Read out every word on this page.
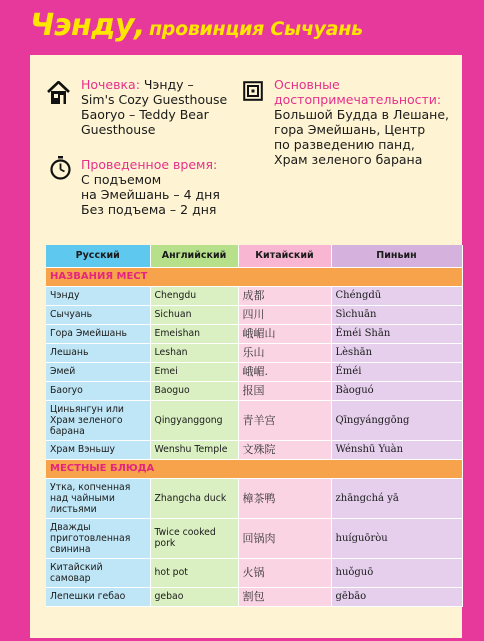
Чэнду, провинция Сычуань
Ночевка: Чэнду –
Sim's Cozy Guesthouse
Баоryo – Teddy Bear
Guesthouse
Проведенное время:
С подъемом
на Эмейшань – 4 дня
Без подъема – 2 дня
Основные
достопримечательности:
Большой Будда в Лешане,
гора Эмейшань, Центр
по разведению панд,
Храм зеленого барана
Русский	Английский	Китайский	Пиньин
НАЗВАНИЯ МЕСТ			
Чэнду	Chengdu	成都	Chéngdū
Сычуань	Sichuan	四川	Sìchuān
Гора Эмейшань	Emeishan	峨嵋山	Éméi Shān
Лешань	Leshan	乐山	Lèshān
Эмей	Emei	峨嵋.	Éméi
Баоryo	Baoguo	报国	Bàoguó
Циньянгун или Храм зеленого барана	Qingyanggong	青羊宫	Qīngyánggōng
Храм Вэньшу	Wenshu Temple	文殊院	Wénshū Yuàn
МЕСТНЫЕ БЛЮДА			
Утка, копченная над чайными листьями	Zhangcha duck	樟茶鸭	zhāngchá yā
Дважды приготовленная свинина	Twice cooked pork	回锅肉	huíguōròu
Китайский самовар	hot pot	火锅	huǒguō
Лепешки гебао	gebao	割包	gēbāo
